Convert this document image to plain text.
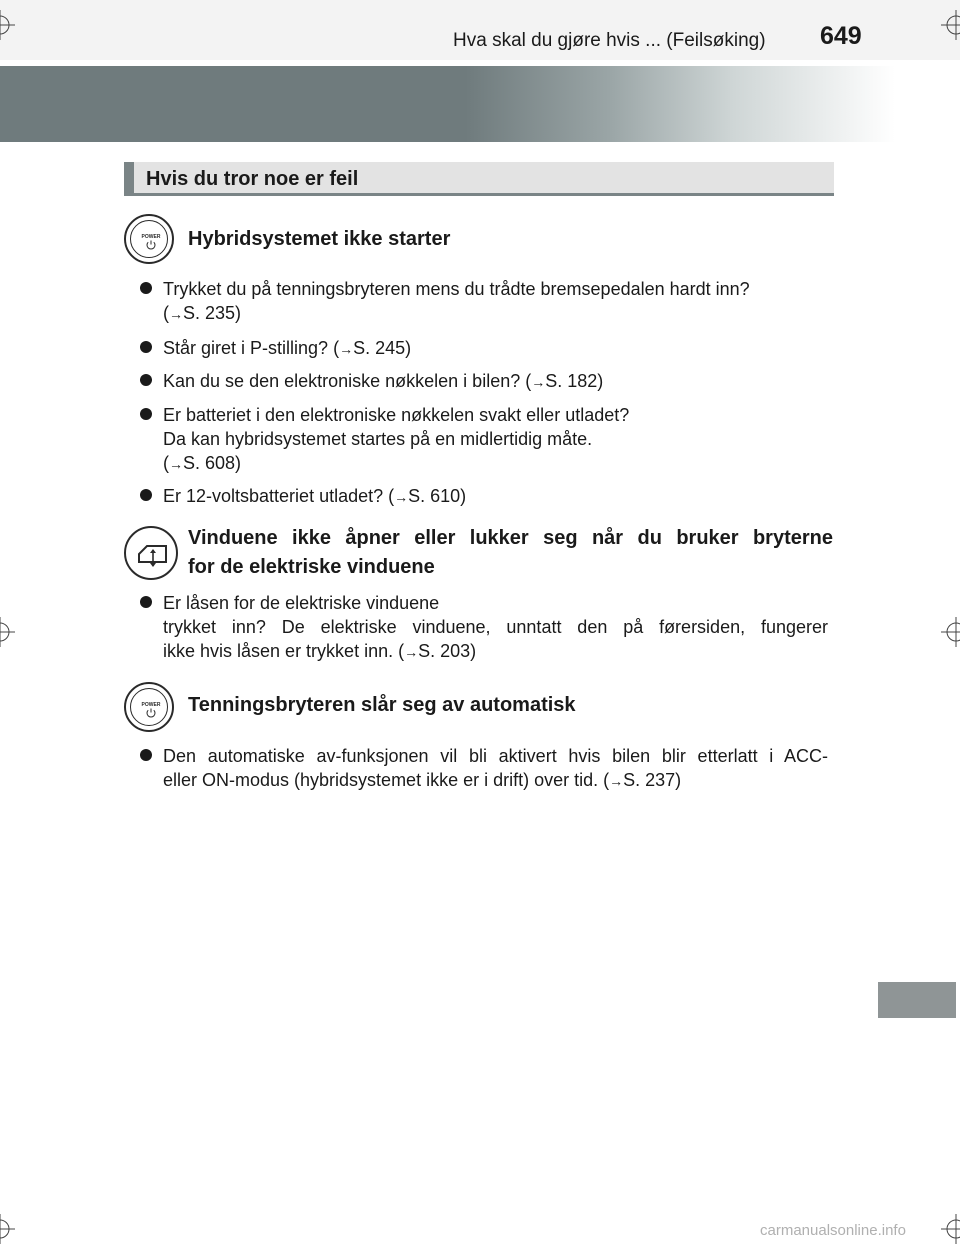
Hva skal du gjøre hvis ... (Feilsøking) 649
Hvis du tror noe er feil
POWER Hybridsystemet ikke starter
Trykket du på tenningsbryteren mens du trådte bremsepedalen hardt inn?
(→S. 235)
Står giret i P-stilling? (→S. 245)
Kan du se den elektroniske nøkkelen i bilen? (→S. 182)
Er batteriet i den elektroniske nøkkelen svakt eller utladet?
Da kan hybridsystemet startes på en midlertidig måte.
(→S. 608)
Er 12-voltsbatteriet utladet? (→S. 610)
Vinduene ikke åpner eller lukker seg når du bruker bryterne
for de elektriske vinduene
Er låsen for de elektriske vinduene
trykket inn? De elektriske vinduene, unntatt den på førersiden, fungerer
ikke hvis låsen er trykket inn. (→S. 203)
POWER Tenningsbryteren slår seg av automatisk
Den automatiske av-funksjonen vil bli aktivert hvis bilen blir etterlatt i ACC-
eller ON-modus (hybridsystemet ikke er i drift) over tid. (→S. 237)
carmanualsonline.info
